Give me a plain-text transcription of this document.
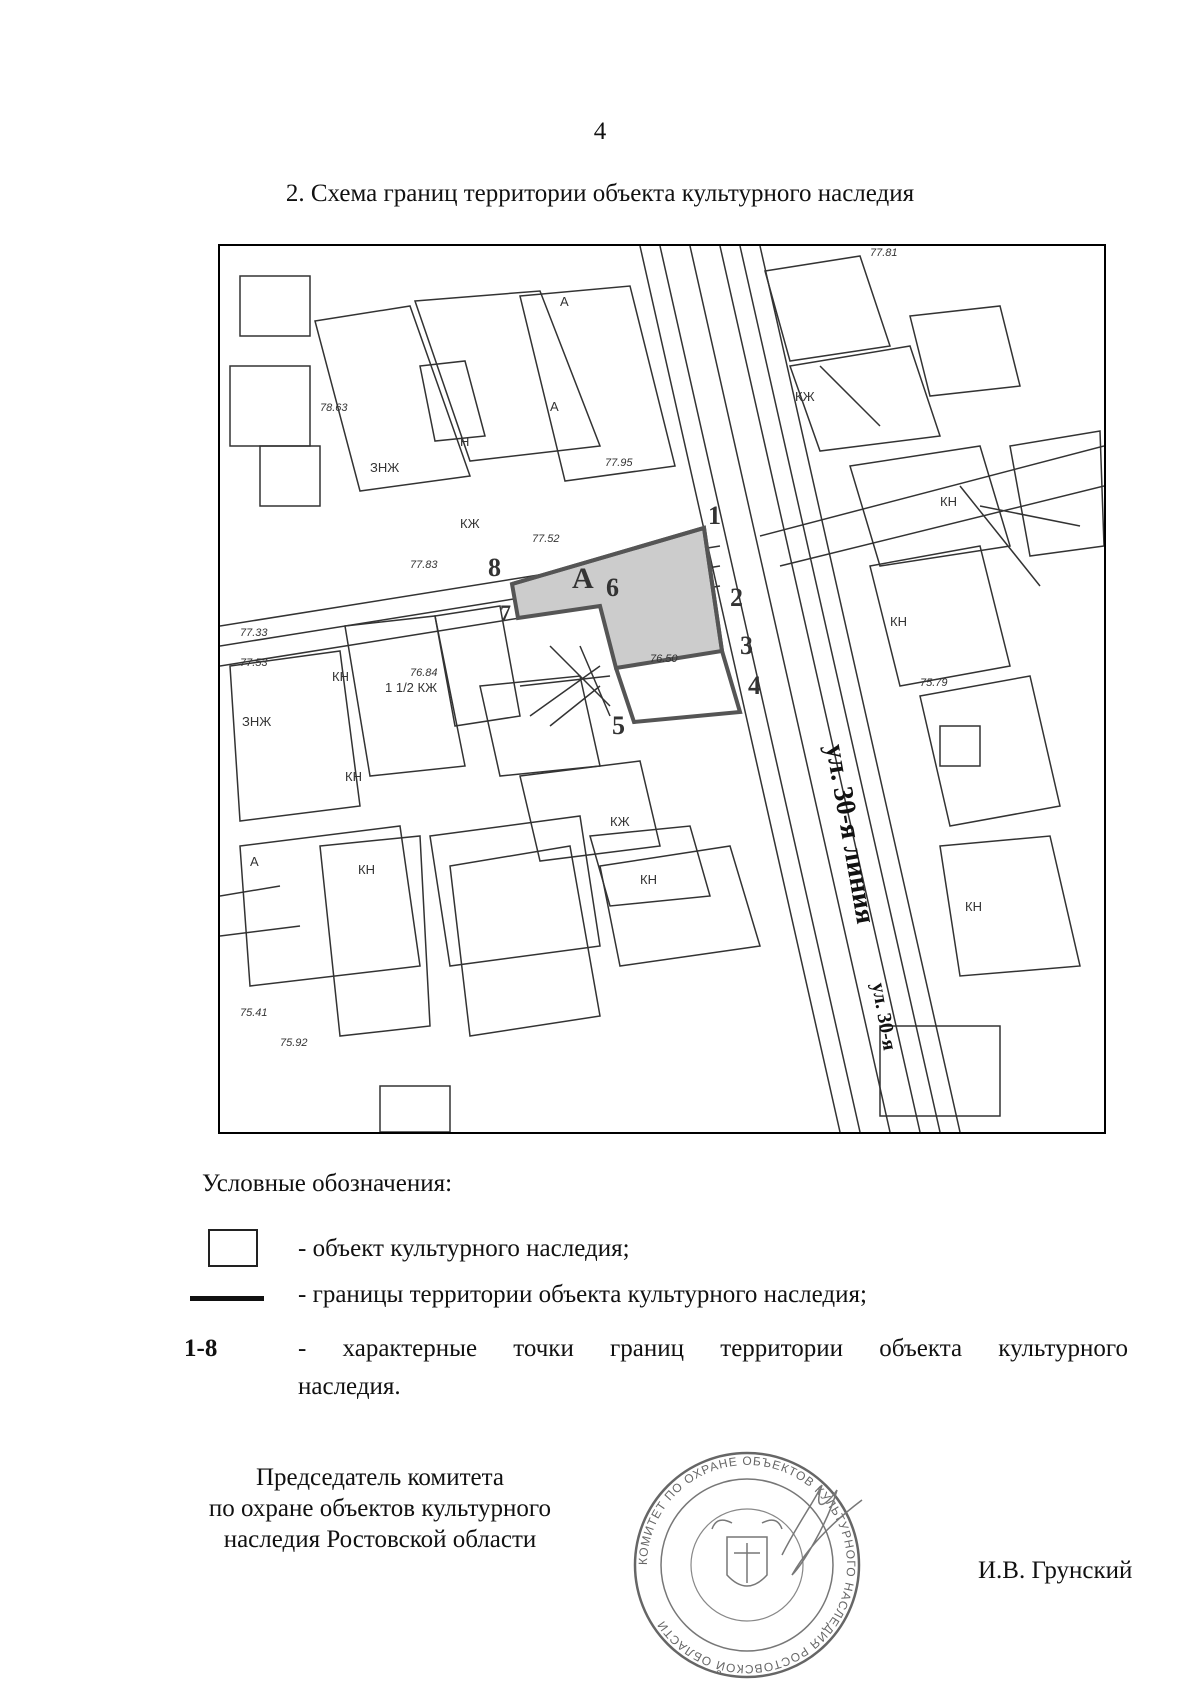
4
2. Схема границ территории объекта культурного наследия
1
2
3
4
5
6
7
8 А
ул. 30-я линия
ул. 30-я
А
А
Н
КН
КЖ
ЗНЖ
1 1/2 КЖ
КН
КН
КН
КЖ
КЖ
КН
КН
КН
А
ЗНЖ
77.95
77.52
77.83
77.53
76.84
75.92
75.79
75.41
77.81
78.63
76.50
77.33
Условные обозначения:
- объект культурного наследия;
- границы территории объекта культурного наследия;
1-8	- характерные точки границ территории объекта культурного
наследия.
Председатель комитета
по охране объектов культурного
наследия Ростовской области
КОМИТЕТ ПО ОХРАНЕ ОБЪЕКТОВ КУЛЬТУРНОГО НАСЛЕДИЯ РОСТОВСКОЙ ОБЛАСТИ
И.В. Грунский
